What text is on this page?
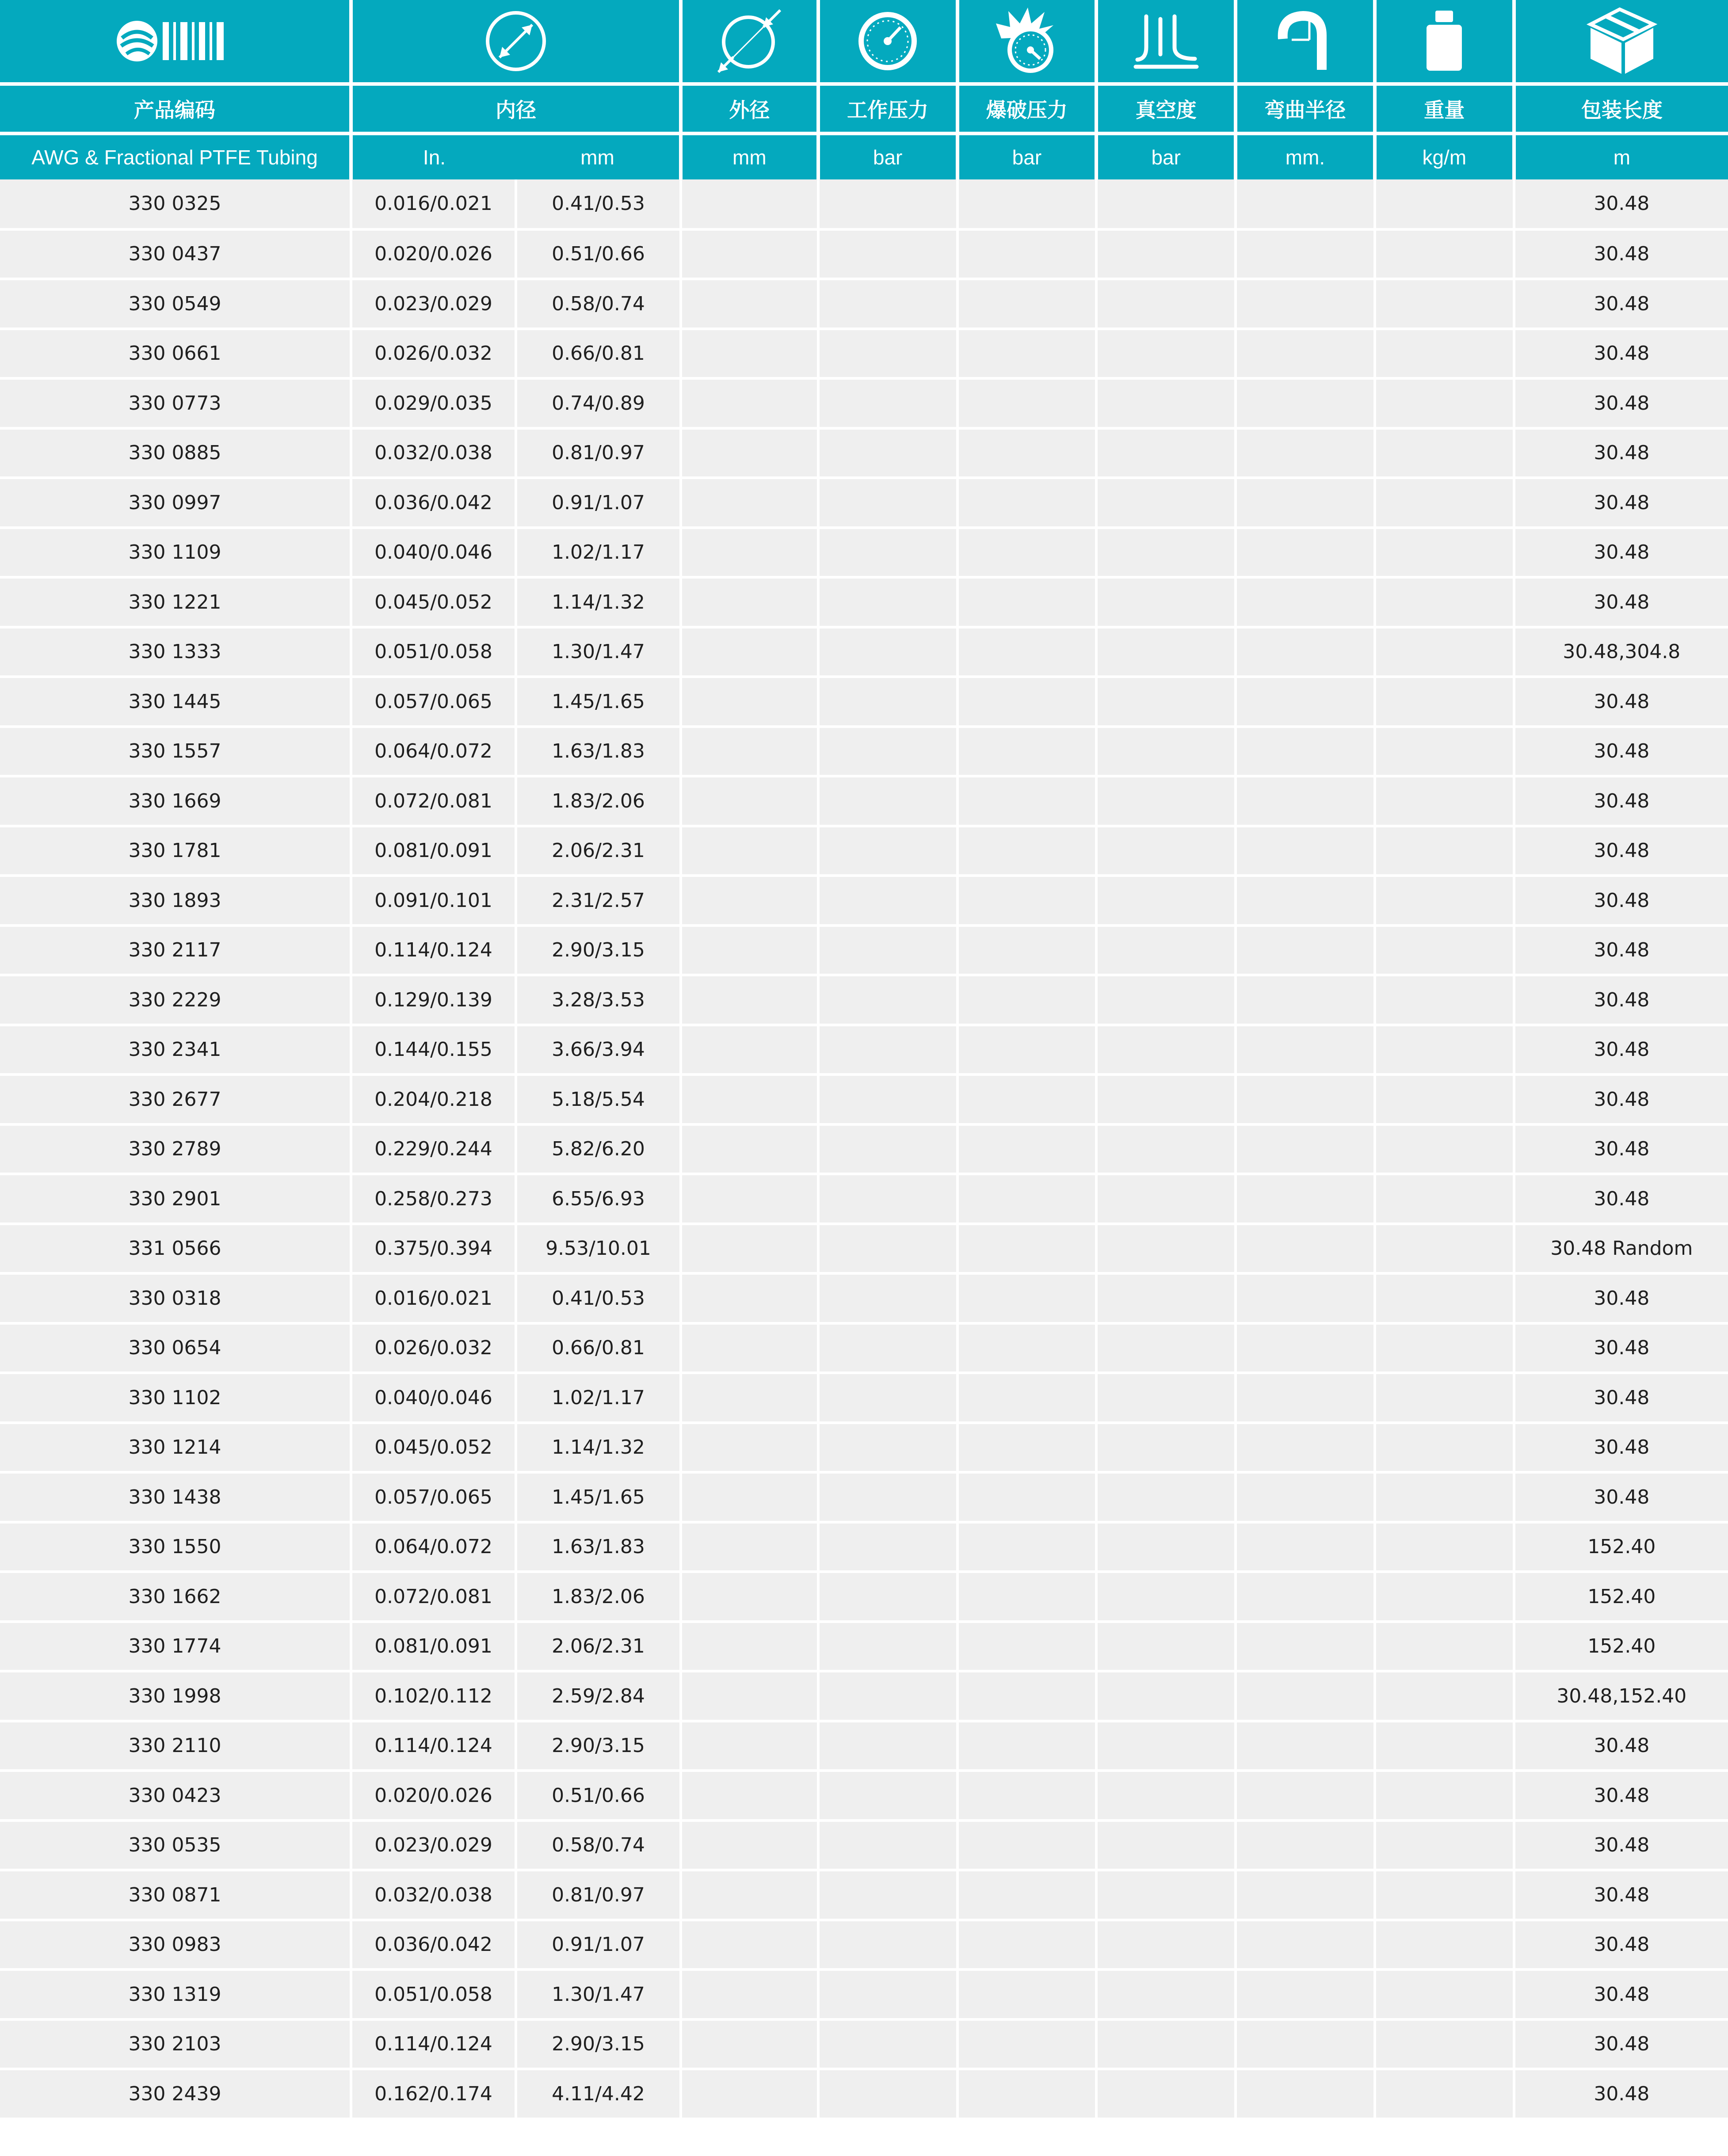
产品编码	内径		外径	工作压力	爆破压力	真空度	弯曲半径	重量	包装长度
AWG & Fractional PTFE Tubing	In.	mm	mm	bar	bar	bar	mm.	kg/m	m
330 0325	0.016/0.021	0.41/0.53							30.48
330 0437	0.020/0.026	0.51/0.66							30.48
330 0549	0.023/0.029	0.58/0.74							30.48
330 0661	0.026/0.032	0.66/0.81							30.48
330 0773	0.029/0.035	0.74/0.89							30.48
330 0885	0.032/0.038	0.81/0.97							30.48
330 0997	0.036/0.042	0.91/1.07							30.48
330 1109	0.040/0.046	1.02/1.17							30.48
330 1221	0.045/0.052	1.14/1.32							30.48
330 1333	0.051/0.058	1.30/1.47							30.48,304.8
330 1445	0.057/0.065	1.45/1.65							30.48
330 1557	0.064/0.072	1.63/1.83							30.48
330 1669	0.072/0.081	1.83/2.06							30.48
330 1781	0.081/0.091	2.06/2.31							30.48
330 1893	0.091/0.101	2.31/2.57							30.48
330 2117	0.114/0.124	2.90/3.15							30.48
330 2229	0.129/0.139	3.28/3.53							30.48
330 2341	0.144/0.155	3.66/3.94							30.48
330 2677	0.204/0.218	5.18/5.54							30.48
330 2789	0.229/0.244	5.82/6.20							30.48
330 2901	0.258/0.273	6.55/6.93							30.48
331 0566	0.375/0.394	9.53/10.01							30.48 Random
330 0318	0.016/0.021	0.41/0.53							30.48
330 0654	0.026/0.032	0.66/0.81							30.48
330 1102	0.040/0.046	1.02/1.17							30.48
330 1214	0.045/0.052	1.14/1.32							30.48
330 1438	0.057/0.065	1.45/1.65							30.48
330 1550	0.064/0.072	1.63/1.83							152.40
330 1662	0.072/0.081	1.83/2.06							152.40
330 1774	0.081/0.091	2.06/2.31							152.40
330 1998	0.102/0.112	2.59/2.84							30.48,152.40
330 2110	0.114/0.124	2.90/3.15							30.48
330 0423	0.020/0.026	0.51/0.66							30.48
330 0535	0.023/0.029	0.58/0.74							30.48
330 0871	0.032/0.038	0.81/0.97							30.48
330 0983	0.036/0.042	0.91/1.07							30.48
330 1319	0.051/0.058	1.30/1.47							30.48
330 2103	0.114/0.124	2.90/3.15							30.48
330 2439	0.162/0.174	4.11/4.42							30.48
